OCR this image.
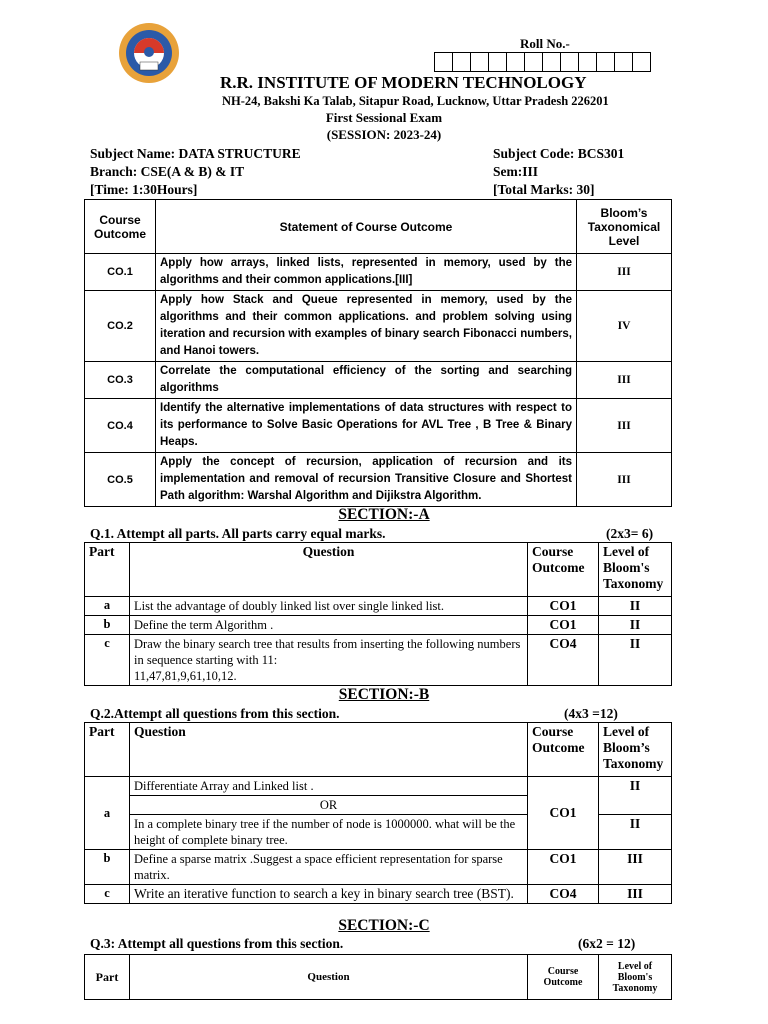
Roll No.-
R.R. INSTITUTE OF MODERN TECHNOLOGY
NH-24, Bakshi Ka Talab, Sitapur Road, Lucknow, Uttar Pradesh 226201
First Sessional Exam
(SESSION: 2023-24)
Subject Name: DATA STRUCTURE	Subject Code: BCS301
Branch: CSE(A & B) & IT	Sem:III
[Time: 1:30Hours]	[Total Marks: 30]
Course Outcome	Statement of Course Outcome	Bloom’s Taxonomical Level
CO.1	Apply how arrays, linked lists, represented in memory, used by the algorithms and their common applications.[III]	III
CO.2	Apply how Stack and Queue represented in memory, used by the algorithms and their common applications. and problem solving using iteration and recursion with examples of binary search Fibonacci numbers, and Hanoi towers.	IV
CO.3	Correlate the computational efficiency of the sorting and searching algorithms	III
CO.4	Identify the alternative implementations of data structures with respect to its performance to Solve Basic Operations for AVL Tree , B Tree & Binary Heaps.	III
CO.5	Apply the concept of recursion, application of recursion and its implementation and removal of recursion Transitive Closure and Shortest Path algorithm: Warshal Algorithm and Dijikstra Algorithm.	III
SECTION:-A
Q.1. Attempt all parts. All parts carry equal marks.	(2x3= 6)
Part	Question	Course Outcome	Level of Bloom's Taxonomy
a	List the advantage of doubly linked list over single linked list.	CO1	II
b	Define the term Algorithm .	CO1	II
c	Draw the binary search tree that results from inserting the following numbers in sequence starting with 11:
11,47,81,9,61,10,12.	CO4	II
SECTION:-B
Q.2.Attempt all questions from this section.	(4x3 =12)
Part	Question	Course Outcome	Level of Bloom’s Taxonomy
a	Differentiate Array and Linked list .	CO1	II
	OR		
	In a complete binary tree if the number of node is 1000000. what will be the height of complete binary tree.		II
b	Define a sparse matrix .Suggest a space efficient representation for sparse matrix.	CO1	III
c	Write an iterative function to search a key in binary search tree (BST).	CO4	III
SECTION:-C
Q.3: Attempt all questions from this section.	(6x2 = 12)
Part	Question	Course Outcome	Level of Bloom's Taxonomy
